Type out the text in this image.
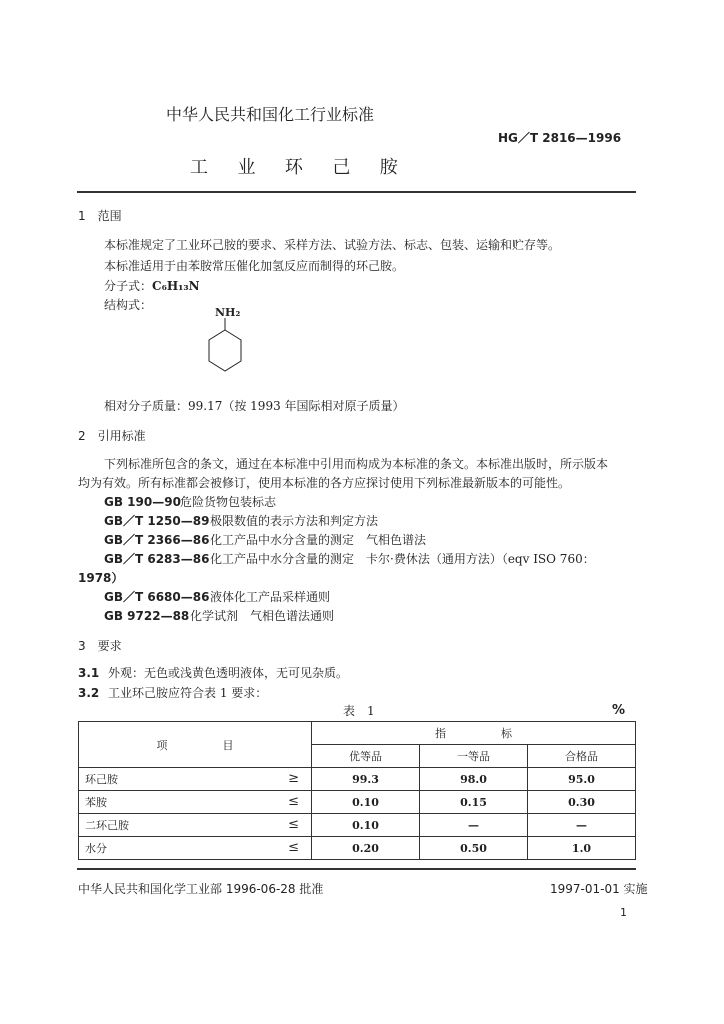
中华人民共和国化工行业标准
HG／T 2816—1996
工  业  环  己  胺
1　范围
本标准规定了工业环己胺的要求、采样方法、试验方法、标志、包装、运输和贮存等。
本标准适用于由苯胺常压催化加氢反应而制得的环己胺。
分子式：C₆H₁₃N
结构式：
NH₂
相对分子质量：99.17（按 1993 年国际相对原子质量）
2　引用标准
下列标准所包含的条文，通过在本标准中引用而构成为本标准的条文。本标准出版时，所示版本
均为有效。所有标准都会被修订，使用本标准的各方应探讨使用下列标准最新版本的可能性。
GB 190—90危险货物包装标志
GB／T 1250—89极限数值的表示方法和判定方法
GB／T 2366—86化工产品中水分含量的测定　气相色谱法
GB／T 6283—86化工产品中水分含量的测定　卡尔·费休法（通用方法）（eqv ISO 760：
1978）
GB／T 6680—86液体化工产品采样通则
GB 9722—88化学试剂　气相色谱法通则
3　要求
3.1 外观：无色或浅黄色透明液体，无可见杂质。
3.2 工业环己胺应符合表 1 要求：
表　1	%
项　　　　　目	指　　　　　标		
	优等品	一等品	合格品
环己胺 ≥	99.3	98.0	95.0
苯胺 ≤	0.10	0.15	0.30
二环己胺 ≤	0.10	—	—
水分 ≤	0.20	0.50	1.0
中华人民共和国化学工业部 1996-06-28 批准	1997-01-01 实施
1
